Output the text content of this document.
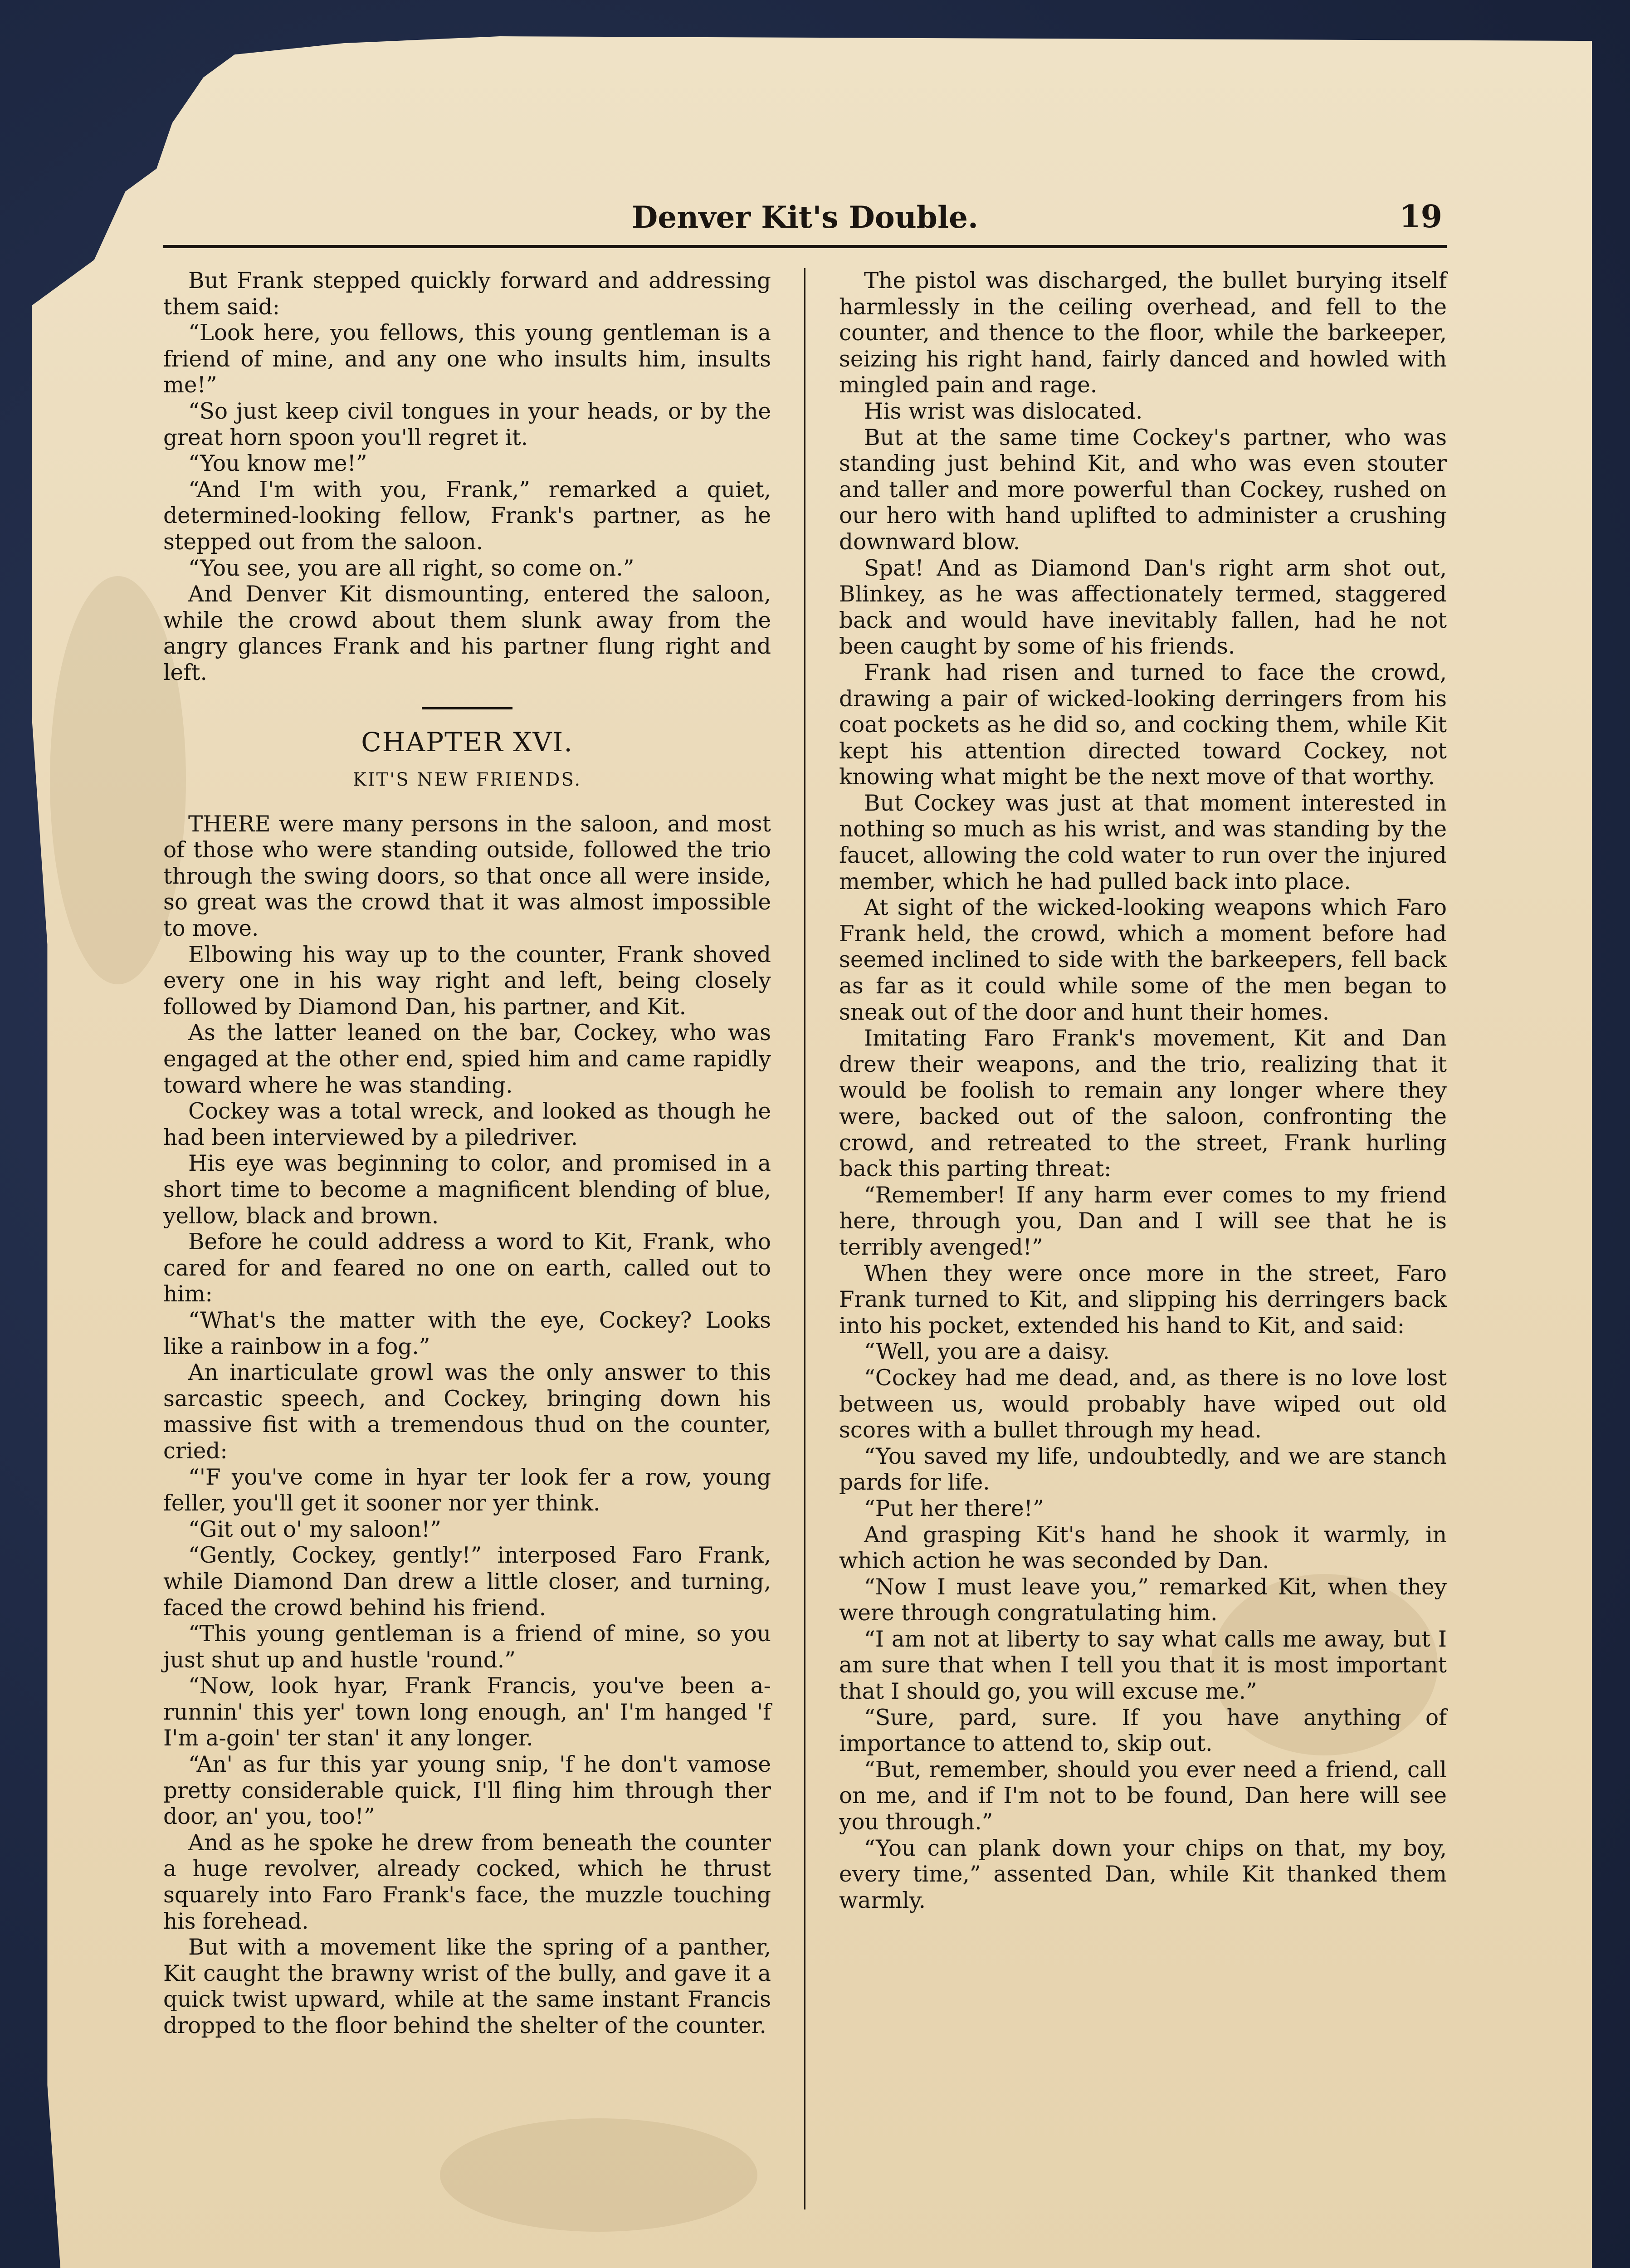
Denver Kit's Double.	19

But Frank stepped quickly forward and addressing them said:

“Look here, you fellows, this young gentleman is a friend of mine, and any one who insults him, insults me!”

“So just keep civil tongues in your heads, or by the great horn spoon you'll regret it.

“You know me!”

“And I'm with you, Frank,” remarked a quiet, determined-looking fellow, Frank's partner, as he stepped out from the saloon.

“You see, you are all right, so come on.”

And Denver Kit dismounting, entered the saloon, while the crowd about them slunk away from the angry glances Frank and his partner flung right and left.

CHAPTER XVI.
KIT'S NEW FRIENDS.

THERE were many persons in the saloon, and most of those who were standing outside, followed the trio through the swing doors, so that once all were inside, so great was the crowd that it was almost impossible to move.

Elbowing his way up to the counter, Frank shoved every one in his way right and left, being closely followed by Diamond Dan, his partner, and Kit.

As the latter leaned on the bar, Cockey, who was engaged at the other end, spied him and came rapidly toward where he was standing.

Cockey was a total wreck, and looked as though he had been interviewed by a piledriver.

His eye was beginning to color, and promised in a short time to become a magnificent blending of blue, yellow, black and brown.

Before he could address a word to Kit, Frank, who cared for and feared no one on earth, called out to him:

“What's the matter with the eye, Cockey? Looks like a rainbow in a fog.”

An inarticulate growl was the only answer to this sarcastic speech, and Cockey, bringing down his massive fist with a tremendous thud on the counter, cried:

“'F you've come in hyar ter look fer a row, young feller, you'll get it sooner nor yer think.

“Git out o' my saloon!”

“Gently, Cockey, gently!” interposed Faro Frank, while Diamond Dan drew a little closer, and turning, faced the crowd behind his friend.

“This young gentleman is a friend of mine, so you just shut up and hustle 'round.”

“Now, look hyar, Frank Francis, you've been a-runnin' this yer' town long enough, an' I'm hanged 'f I'm a-goin' ter stan' it any longer.

“An' as fur this yar young snip, 'f he don't vamose pretty considerable quick, I'll fling him through ther door, an' you, too!”

And as he spoke he drew from beneath the counter a huge revolver, already cocked, which he thrust squarely into Faro Frank's face, the muzzle touching his forehead.

But with a movement like the spring of a panther, Kit caught the brawny wrist of the bully, and gave it a quick twist upward, while at the same instant Francis dropped to the floor behind the shelter of the counter.

The pistol was discharged, the bullet burying itself harmlessly in the ceiling overhead, and fell to the counter, and thence to the floor, while the barkeeper, seizing his right hand, fairly danced and howled with mingled pain and rage.

His wrist was dislocated.

But at the same time Cockey's partner, who was standing just behind Kit, and who was even stouter and taller and more powerful than Cockey, rushed on our hero with hand uplifted to administer a crushing downward blow.

Spat! And as Diamond Dan's right arm shot out, Blinkey, as he was affectionately termed, staggered back and would have inevitably fallen, had he not been caught by some of his friends.

Frank had risen and turned to face the crowd, drawing a pair of wicked-looking derringers from his coat pockets as he did so, and cocking them, while Kit kept his attention directed toward Cockey, not knowing what might be the next move of that worthy.

But Cockey was just at that moment interested in nothing so much as his wrist, and was standing by the faucet, allowing the cold water to run over the injured member, which he had pulled back into place.

At sight of the wicked-looking weapons which Faro Frank held, the crowd, which a moment before had seemed inclined to side with the barkeepers, fell back as far as it could while some of the men began to sneak out of the door and hunt their homes.

Imitating Faro Frank's movement, Kit and Dan drew their weapons, and the trio, realizing that it would be foolish to remain any longer where they were, backed out of the saloon, confronting the crowd, and retreated to the street, Frank hurling back this parting threat:

“Remember! If any harm ever comes to my friend here, through you, Dan and I will see that he is terribly avenged!”

When they were once more in the street, Faro Frank turned to Kit, and slipping his derringers back into his pocket, extended his hand to Kit, and said:

“Well, you are a daisy.

“Cockey had me dead, and, as there is no love lost between us, would probably have wiped out old scores with a bullet through my head.

“You saved my life, undoubtedly, and we are stanch pards for life.

“Put her there!”

And grasping Kit's hand he shook it warmly, in which action he was seconded by Dan.

“Now I must leave you,” remarked Kit, when they were through congratulating him.

“I am not at liberty to say what calls me away, but I am sure that when I tell you that it is most important that I should go, you will excuse me.”

“Sure, pard, sure. If you have anything of importance to attend to, skip out.

“But, remember, should you ever need a friend, call on me, and if I'm not to be found, Dan here will see you through.”

“You can plank down your chips on that, my boy, every time,” assented Dan, while Kit thanked them warmly.
